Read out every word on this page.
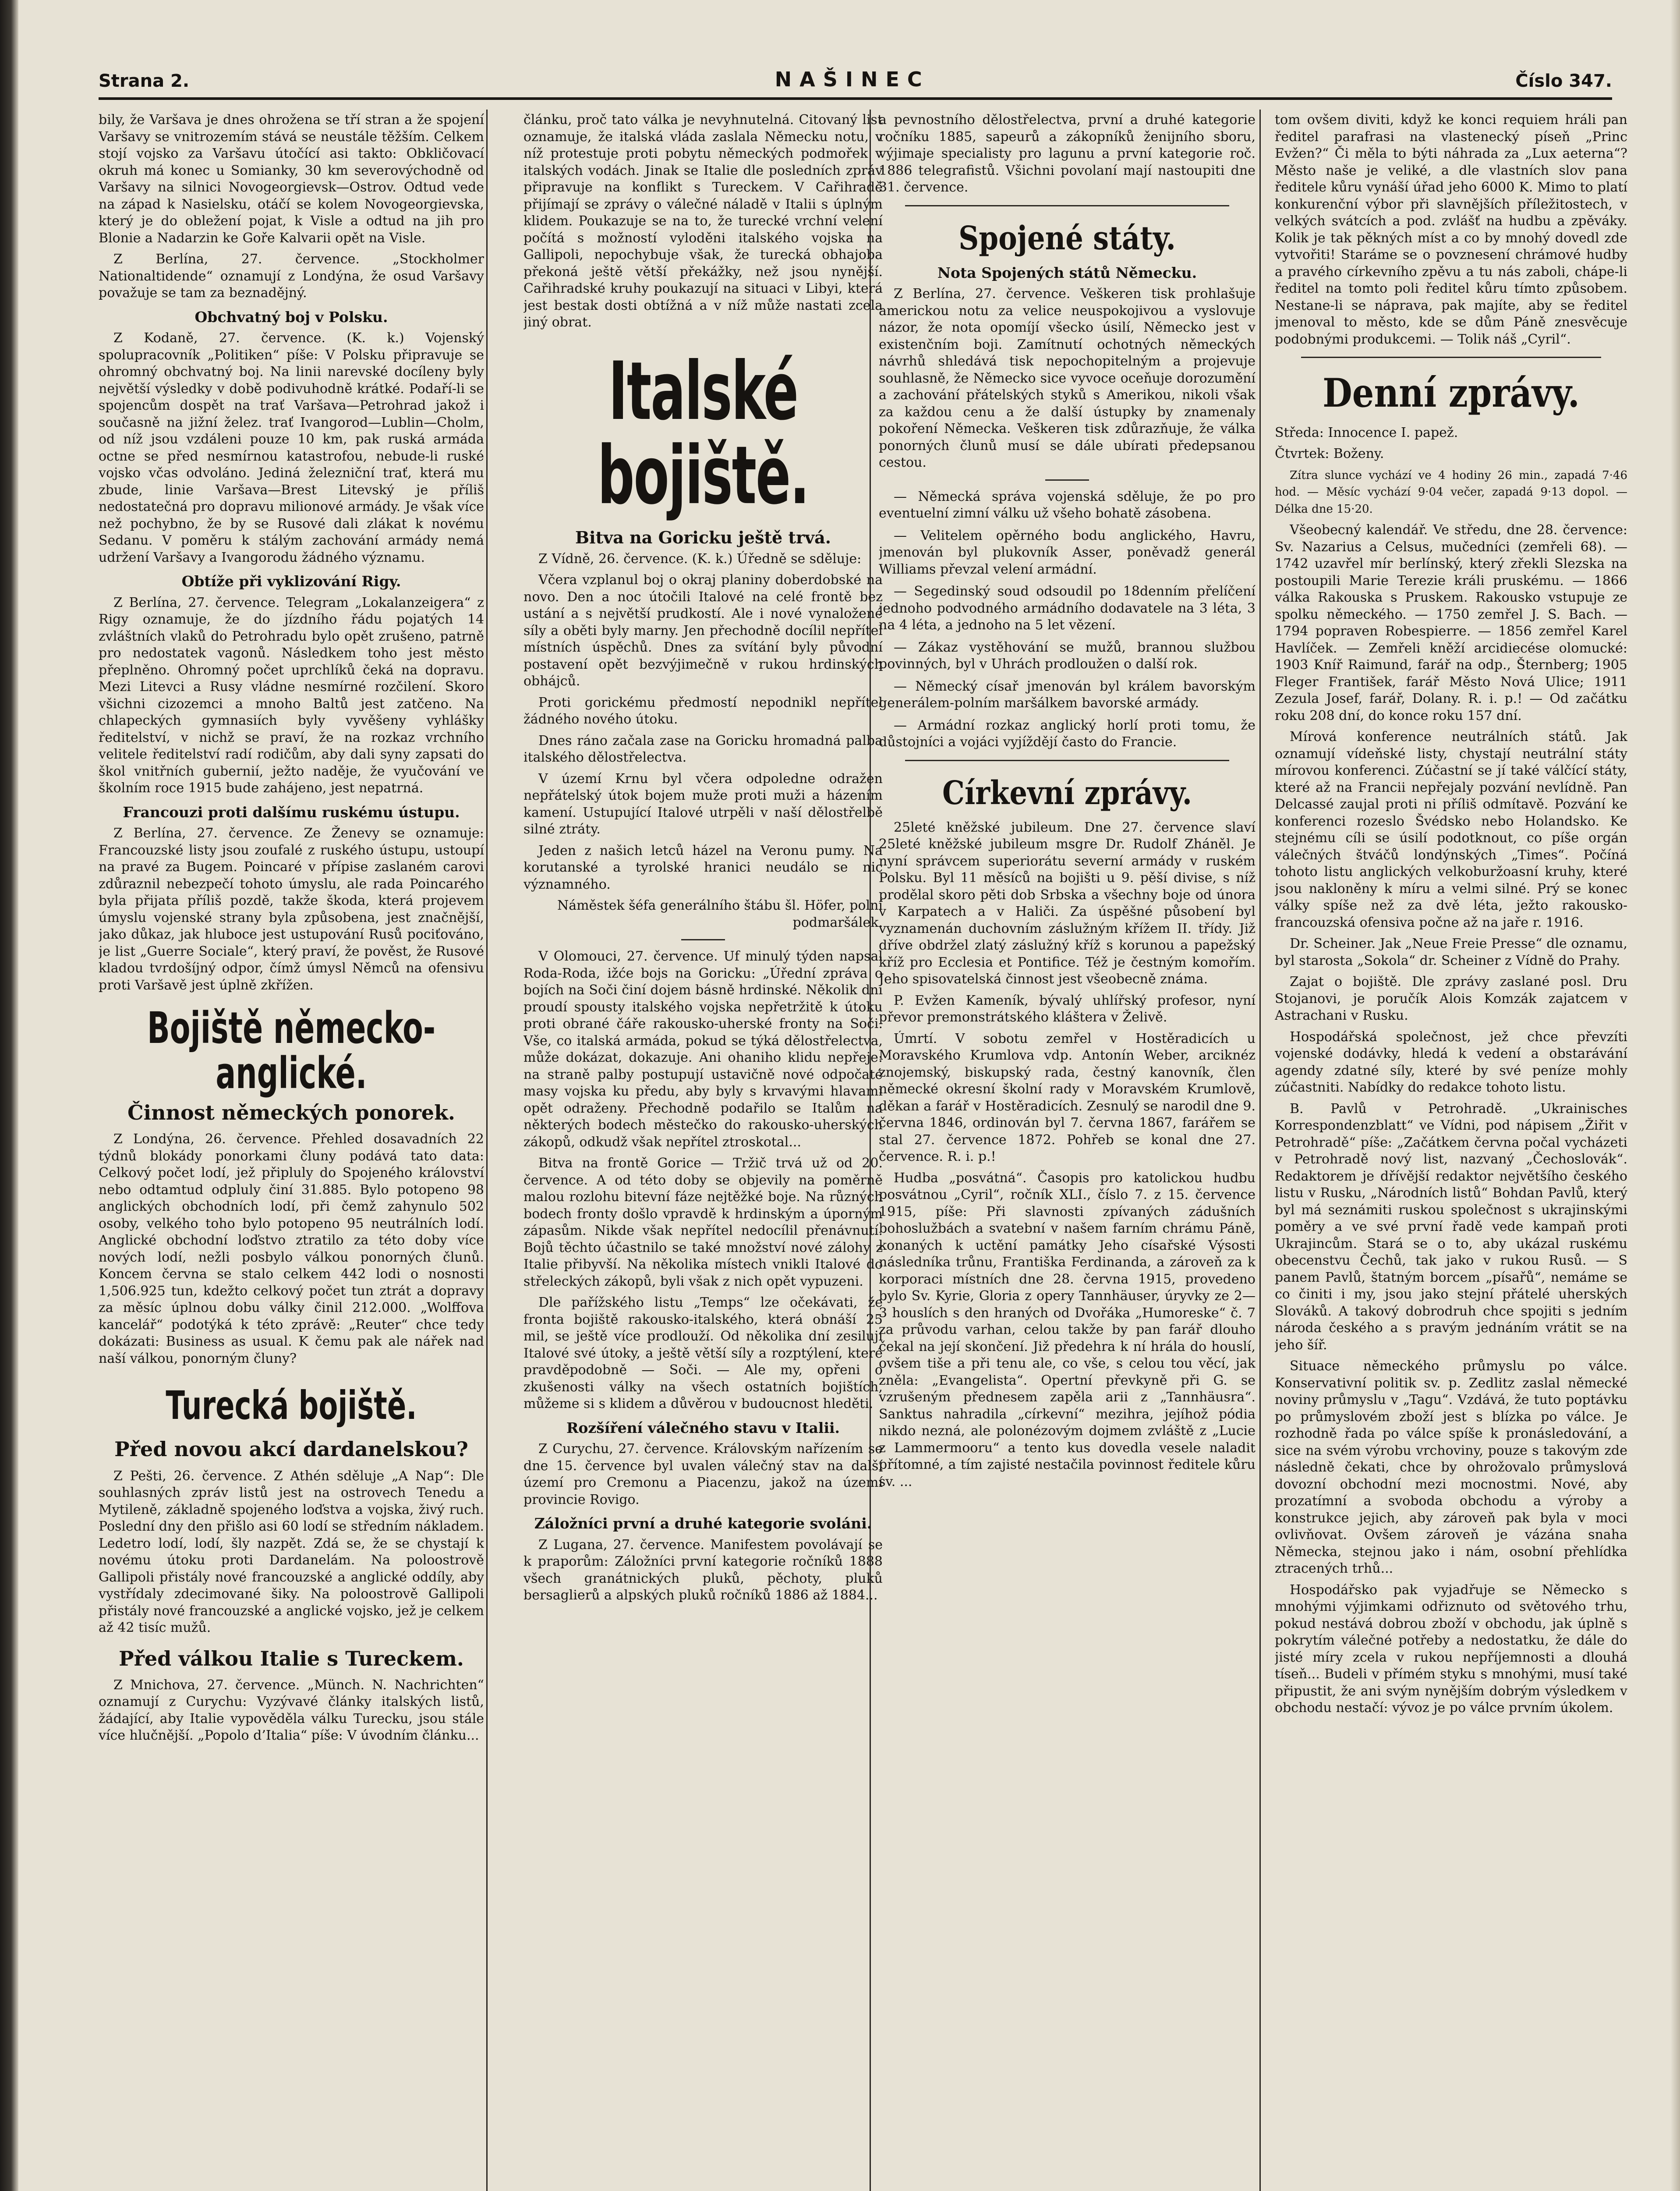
Strana 2.	NAŠINEC	Číslo 347.

bily, že Varšava je dnes ohrožena se tří stran a že spojení Varšavy se vnitrozemím stává se neustále těžším. Celkem stojí vojsko za Varšavu útočící asi takto: Obkličovací okruh má konec u Somianky, 30 km severovýchodně od Varšavy na silnici Novogeorgievsk—Ostrov. Odtud vede na západ k Nasielsku, otáčí se kolem Novogeorgievska, který je do obležení pojat, k Visle a odtud na jih pro Blonie a Nadarzin ke Goře Kalvarii opět na Visle.

Z Berlína, 27. července. „Stockholmer Nationaltidende“ oznamují z Londýna, že osud Varšavy považuje se tam za beznadějný.

Obchvatný boj v Polsku.

Z Kodaně, 27. července. (K. k.) Vojenský spolupracovník „Politiken“ píše: V Polsku připravuje se ohromný obchvatný boj. Na linii narevské docíleny byly největší výsledky v době podivuhodně krátké. Podaří-li se spojencům dospět na trať Varšava—Petrohrad jakož i současně na jižní želez. trať Ivangorod—Lublin—Cholm, od níž jsou vzdáleni pouze 10 km, pak ruská armáda octne se před nesmírnou katastrofou, nebude-li ruské vojsko včas odvoláno. Jediná železniční trať, která mu zbude, linie Varšava—Brest Litevský je příliš nedostatečná pro dopravu milionové armády. Je však více než pochybno, že by se Rusové dali zlákat k novému Sedanu. V poměru k stálým zachování armády nemá udržení Varšavy a Ivangorodu žádného významu.

Obtíže při vyklizování Rigy.

Z Berlína, 27. července. Telegram „Lokalanzeigera“ z Rigy oznamuje, že do jízdního řádu pojatých 14 zvláštních vlaků do Petrohradu bylo opět zrušeno, patrně pro nedostatek vagonů. Následkem toho jest město přeplněno. Ohromný počet uprchlíků čeká na dopravu. Mezi Litevci a Rusy vládne nesmírné rozčilení. Skoro všichni cizozemci a mnoho Baltů jest zatčeno. Na chlapeckých gymnasiích byly vyvěšeny vyhlášky ředitelství, v nichž se praví, že na rozkaz vrchního velitele ředitelství radí rodičům, aby dali syny zapsati do škol vnitřních gubernií, ježto naděje, že vyučování ve školním roce 1915 bude zahájeno, jest nepatrná.

Francouzi proti dalšímu ruskému ústupu.

Z Berlína, 27. července. Ze Ženevy se oznamuje: Francouzské listy jsou zoufalé z ruského ústupu, ustoupí na pravé za Bugem. Poincaré v přípise zaslaném carovi zdůraznil nebezpečí tohoto úmyslu, ale rada Poincarého byla přijata příliš pozdě, takže škoda, která projevem úmyslu vojenské strany byla způsobena, jest značnější, jako důkaz, jak hluboce jest ustupování Rusů pociťováno, je list „Guerre Sociale“, který praví, že pověst, že Rusové kladou tvrdošíjný odpor, čímž úmysl Němců na ofensivu proti Varšavě jest úplně zkřížen.

Bojiště německo-anglické.
Činnost německých ponorek.

Z Londýna, 26. července. Přehled dosavadních 22 týdnů blokády ponorkami čluny podává tato data: Celkový počet lodí, jež připluly do Spojeného království nebo odtamtud odpluly činí 31.885. Bylo potopeno 98 anglických obchodních lodí, při čemž zahynulo 502 osoby, velkého toho bylo potopeno 95 neutrálních lodí. Anglické obchodní loďstvo ztratilo za této doby více nových lodí, nežli posbylo válkou ponorných člunů. Koncem června se stalo celkem 442 lodi o nosnosti 1,506.925 tun, kdežto celkový počet tun ztrát a dopravy za měsíc úplnou dobu války činil 212.000. „Wolffova kancelář“ podotýká k této zprávě: „Reuter“ chce tedy dokázati: Business as usual. K čemu pak ale nářek nad naší válkou, ponorným čluny?

Turecká bojiště.
Před novou akcí dardanelskou?

Z Pešti, 26. července. Z Athén sděluje „A Nap“: Dle souhlasných zpráv listů jest na ostrovech Tenedu a Mytileně, základně spojeného loďstva a vojska, živý ruch. Poslední dny den přišlo asi 60 lodí se středním nákladem. Ledetro lodí, lodí, šly nazpět. Zdá se, že se chystají k novému útoku proti Dardanelám. Na poloostrově Gallipoli přistály nové francouzské a anglické oddíly, aby vystřídaly zdecimované šiky. Na poloostrově Gallipoli přistály nové francouzské a anglické vojsko, jež je celkem až 42 tisíc mužů.

Před válkou Italie s Tureckem.

Z Mnichova, 27. července. „Münch. N. Nachrichten“ oznamují z Curychu: Vyzývavé články italských listů, žádající, aby Italie vypověděla válku Turecku, jsou stále více hlučnější. „Popolo d’Italia“ píše: V úvodním článku...

článku, proč tato válka je nevyhnutelná. Citovaný list oznamuje, že italská vláda zaslala Německu notu, v níž protestuje proti pobytu německých podmořek v italských vodách. Jinak se Italie dle posledních zpráv připravuje na konflikt s Tureckem. V Cařihradě přijímají se zprávy o válečné náladě v Italii s úplným klidem. Poukazuje se na to, že turecké vrchní velení počítá s možností vyloděni italského vojska na Gallipoli, nepochybuje však, že turecká obhajoba překoná ještě větší překážky, než jsou nynější. Cařihradské kruhy poukazují na situaci v Libyi, která jest bestak dosti obtížná a v níž může nastati zcela jiný obrat.

Italské bojiště.
Bitva na Goricku ještě trvá.

Z Vídně, 26. července. (K. k.) Úředně se sděluje:

Včera vzplanul boj o okraj planiny doberdobské na novo. Den a noc útočili Italové na celé frontě bez ustání a s největší prudkostí. Ale i nové vynaložené síly a oběti byly marny. Jen přechodně docílil nepřítel místních úspěchů. Dnes za svítání byly původní postavení opět bezvýjimečně v rukou hrdinských obhájců.

Proti gorickému předmostí nepodnikl nepřítel žádného nového útoku.

Dnes ráno začala zase na Goricku hromadná palba italského dělostřelectva.

V území Krnu byl včera odpoledne odražen nepřátelský útok bojem muže proti muži a házením kamení. Ustupující Italové utrpěli v naší dělostřelbě silné ztráty.

Jeden z našich letců házel na Veronu pumy. Na korutanské a tyrolské hranici neudálo se nic významného.

Náměstek šéfa generálního štábu šl. Höfer, polní podmaršálek.

V Olomouci, 27. července. Uf minulý týden napsal Roda-Roda, ižće bojs na Goricku: „Úřední zpráva o bojích na Soči činí dojem básně hrdinské. Několik dní proudí spousty italského vojska nepřetržitě k útoku proti obrané čáře rakousko-uherské fronty na Soči. Vše, co italská armáda, pokud se týká dělostřelectva, může dokázat, dokazuje. Ani ohaniho klidu nepřeje: na straně palby postupují ustavičně nové odpočaté masy vojska ku předu, aby byly s krvavými hlavami opět odraženy. Přechodně podařilo se Italům na některých bodech městečko do rakousko-uherských zákopů, odkudž však nepřítel ztroskotal...

Bitva na frontě Gorice — Tržič trvá už od 20. července. A od této doby se objevily na poměrně malou rozlohu bitevní fáze nejtěžké boje. Na různých bodech fronty došlo vpravdě k hrdinským a úporným zápasům. Nikde však nepřítel nedocílil přenávnutí. Bojů těchto účastnilo se také množství nové zálohy z Italie přibyvší. Na několika místech vnikli Italové do střeleckých zákopů, byli však z nich opět vypuzeni.

Dle pařížského listu „Temps“ lze očekávati, že fronta bojiště rakousko-italského, která obnáší 25 mil, se ještě více prodlouží. Od několika dní zesilují Italové své útoky, a ještě větší síly a rozptýlení, které pravděpodobně — Soči. — Ale my, opřeni o zkušenosti války na všech ostatních bojištích, můžeme si s klidem a důvěrou v budoucnost hleděti.

Rozšíření válečného stavu v Italii.

Z Curychu, 27. července. Královským nařízením se dne 15. července byl uvalen válečný stav na další území pro Cremonu a Piacenzu, jakož na území provincie Rovigo.

Záložníci první a druhé kategorie svoláni.

Z Lugana, 27. července. Manifestem povolávají se k praporům: Záložníci první kategorie ročníků 1888 všech granátnických pluků, pěchoty, pluků bersaglierů a alpských pluků ročníků 1886 až 1884...

a pevnostního dělostřelectva, první a druhé kategorie ročníku 1885, sapeurů a zákopníků ženijního sboru, výjimaje specialisty pro lagunu a první kategorie roč. 1886 telegrafistů. Všichni povolaní mají nastoupiti dne 31. července.

Spojené státy.
Nota Spojených států Německu.

Z Berlína, 27. července. Veškeren tisk prohlašuje americkou notu za velice neuspokojivou a vyslovuje názor, že nota opomíjí všecko úsilí, Německo jest v existenčním boji. Zamítnutí ochotných německých návrhů shledává tisk nepochopitelným a projevuje souhlasně, že Německo sice vyvoce oceňuje dorozumění a zachování přátelských styků s Amerikou, nikoli však za každou cenu a že další ústupky by znamenaly pokoření Německa. Veškeren tisk zdůrazňuje, že válka ponorných člunů musí se dále ubírati předepsanou cestou.

— Německá správa vojenská sděluje, že po pro eventuelní zimní válku už všeho bohatě zásobena.

— Velitelem opěrného bodu anglického, Havru, jmenován byl plukovník Asser, poněvadž generál Williams převzal velení armádní.

— Segedinský soud odsoudil po 18denním přelíčení jednoho podvodného armádního dodavatele na 3 léta, 3 na 4 léta, a jednoho na 5 let vězení.

— Zákaz vystěhování se mužů, brannou službou povinných, byl v Uhrách prodloužen o další rok.

— Německý císař jmenován byl králem bavorským generálem-polním maršálkem bavorské armády.

— Armádní rozkaz anglický horlí proti tomu, že důstojníci a vojáci vyjíždějí často do Francie.

Církevní zprávy.

25leté kněžské jubileum. Dne 27. července slaví 25leté kněžské jubileum msgre Dr. Rudolf Zháněl. Je nyní správcem superiorátu severní armády v ruském Polsku. Byl 11 měsíců na bojišti u 9. pěší divise, s níž prodělal skoro pěti dob Srbska a všechny boje od února v Karpatech a v Haliči. Za úspěšné působení byl vyznamenán duchovním záslužným křížem II. třídy. Již dříve obdržel zlatý záslužný kříž s korunou a papežský kříž pro Ecclesia et Pontifice. Též je čestným komořím. Jeho spisovatelská činnost jest všeobecně známa.

P. Evžen Kameník, bývalý uhlířský profesor, nyní převor premonstrátského kláštera v Želivě.

Úmrtí. V sobotu zemřel v Hostěradicích u Moravského Krumlova vdp. Antonín Weber, arciknéz znojemský, biskupský rada, čestný kanovník, člen německé okresní školní rady v Moravském Krumlově, děkan a farář v Hostěradicích. Zesnulý se narodil dne 9. června 1846, ordinován byl 7. června 1867, farářem se stal 27. července 1872. Pohřeb se konal dne 27. července. R. i. p.!

Hudba „posvátná“. Časopis pro katolickou hudbu posvátnou „Cyril“, ročník XLI., číslo 7. z 15. července 1915, píše: Při slavnosti zpívaných zádušních bohoslužbách a svatební v našem farním chrámu Páně, konaných k uctění památky Jeho císařské Výsosti následníka trůnu, Františka Ferdinanda, a zároveň za k korporaci místních dne 28. června 1915, provedeno bylo Sv. Kyrie, Gloria z opery Tannhäuser, úryvky ze 2—3 houslích s den hraných od Dvořáka „Humoreske“ č. 7 za průvodu varhan, celou takže by pan farář dlouho čekal na její skončení. Již předehra k ní hrála do houslí, ovšem tiše a při tenu ale, co vše, s celou tou věcí, jak zněla: „Evangelista“. Opertní převkyně při G. se vzrušeným přednesem zapěla arii z „Tannhäusra“. Sanktus nahradila „církevní“ mezihra, jejíhož pódia nikdo nezná, ale polonézovým dojmem zvláště z „Lucie z Lammermooru“ a tento kus dovedla vesele naladit přítomné, a tím zajisté nestačila povinnost ředitele kůru sv. ...

tom ovšem diviti, když ke konci requiem hráli pan ředitel parafrasi na vlastenecký píseň „Princ Evžen?“ Či měla to býti náhrada za „Lux aeterna“? Město naše je veliké, a dle vlastních slov pana ředitele kůru vynáší úřad jeho 6000 K. Mimo to platí konkurenční výbor při slavnějších příležitostech, v velkých svátcích a pod. zvlášť na hudbu a zpěváky. Kolik je tak pěkných míst a co by mnohý dovedl zde vytvořiti! Staráme se o povznesení chrámové hudby a pravého církevního zpěvu a tu nás zaboli, chápe-li ředitel na tomto poli ředitel kůru tímto způsobem. Nestane-li se náprava, pak majíte, aby se ředitel jmenoval to město, kde se dům Páně znesvěcuje podobnými produkcemi. — Tolik náš „Cyril“.

Denní zprávy.

Středa: Innocence I. papež.

Čtvrtek: Boženy.

Zítra slunce vychází ve 4 hodiny 26 min., zapadá 7·46 hod. — Měsíc vychází 9·04 večer, zapadá 9·13 dopol. — Délka dne 15·20.

Všeobecný kalendář. Ve středu, dne 28. července: Sv. Nazarius a Celsus, mučedníci (zemřeli 68). — 1742 uzavřel mír berlínský, který zřekli Slezska na postoupili Marie Terezie králi pruskému. — 1866 válka Rakouska s Pruskem. Rakousko vstupuje ze spolku německého. — 1750 zemřel J. S. Bach. — 1794 popraven Robespierre. — 1856 zemřel Karel Havlíček. — Zemřeli kněží arcidiecése olomucké: 1903 Kníř Raimund, farář na odp., Šternberg; 1905 Fleger František, farář Město Nová Ulice; 1911 Zezula Josef, farář, Dolany. R. i. p.! — Od začátku roku 208 dní, do konce roku 157 dní.

Mírová konference neutrálních států. Jak oznamují vídeňské listy, chystají neutrální státy mírovou konferenci. Zúčastní se jí také válčící státy, které až na Francii nepřejaly pozvání nevlídně. Pan Delcassé zaujal proti ni příliš odmítavě. Pozvání ke konferenci rozeslo Švédsko nebo Holandsko. Ke stejnému cíli se úsilí podotknout, co píše orgán válečných štváčů londýnských „Times“. Počíná tohoto listu anglických velkoburžoasní kruhy, které jsou nakloněny k míru a velmi silné. Prý se konec války spíše než za dvě léta, ježto rakousko-francouzská ofensiva počne až na jaře r. 1916.

Dr. Scheiner. Jak „Neue Freie Presse“ dle oznamu, byl starosta „Sokola“ dr. Scheiner z Vídně do Prahy.

Zajat o bojiště. Dle zprávy zaslané posl. Dru Stojanovi, je poručík Alois Komzák zajatcem v Astrachani v Rusku.

Hospodářská společnost, jež chce převzíti vojenské dodávky, hledá k vedení a obstarávání agendy zdatné síly, které by své peníze mohly zúčastniti. Nabídky do redakce tohoto listu.

B. Pavlů v Petrohradě. „Ukrainisches Korrespondenzblatt“ ve Vídni, pod nápisem „Žiřit v Petrohradě“ píše: „Začátkem června počal vycházeti v Petrohradě nový list, nazvaný „Čechoslovák“. Redaktorem je dřívější redaktor největšího českého listu v Rusku, „Národních listů“ Bohdan Pavlů, který byl má seznámiti ruskou společnost s ukrajinskými poměry a ve své první řadě vede kampaň proti Ukrajincům. Stará se o to, aby ukázal ruskému obecenstvu Čechů, tak jako v rukou Rusů. — S panem Pavlů, štatným borcem „písařů“, nemáme se co činiti i my, jsou jako stejní přátelé uherských Slováků. A takový dobrodruh chce spojiti s jedním národa českého a s pravým jednáním vrátit se na jeho šíř.

Situace německého průmyslu po válce. Konservativní politik sv. p. Zedlitz zaslal německé noviny průmyslu v „Tagu“. Vzdává, že tuto poptávku po průmyslovém zboží jest s blízka po válce. Je rozhodně řada po válce spíše k pronásledování, a sice na svém výrobu vrchoviny, pouze s takovým zde následně čekati, chce by ohrožovalo průmyslová dovozní obchodní mezi mocnostmi. Nové, aby prozatímní a svoboda obchodu a výroby a konstrukce jejich, aby zároveň pak byla v moci ovlivňovat. Ovšem zároveň je vázána snaha Německa, stejnou jako i nám, osobní přehlídka ztracených trhů...

Hospodářsko pak vyjadřuje se Německo s mnohými výjimkami odřiznuto od světového trhu, pokud nestává dobrou zboží v obchodu, jak úplně s pokrytím válečné potřeby a nedostatku, že dále do jisté míry zcela v rukou nepříjemnosti a dlouhá tíseň... Budeli v přímém styku s mnohými, musí také připustit, že ani svým nynějším dobrým výsledkem v obchodu nestačí: vývoz je po válce prvním úkolem.
